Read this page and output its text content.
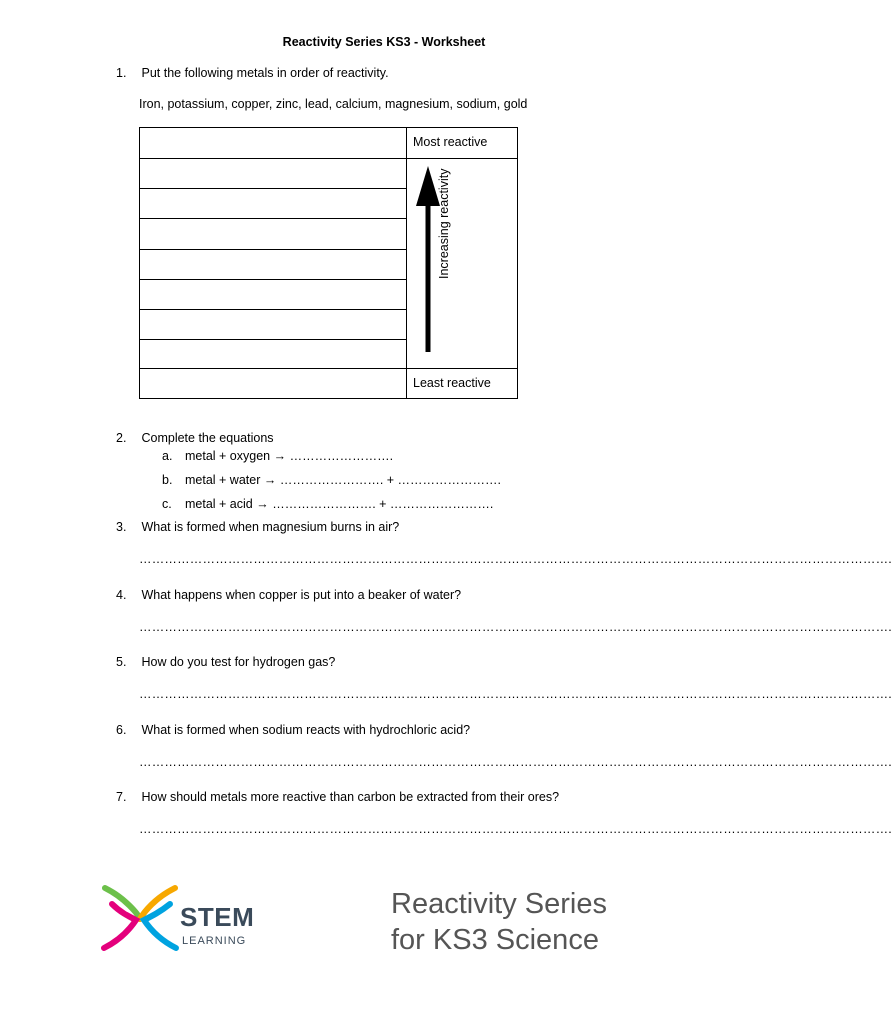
Reactivity Series KS3 - Worksheet
1. Put the following metals in order of reactivity.
Iron, potassium, copper, zinc, lead, calcium, magnesium, sodium, gold
Most reactive
Least reactive
Increasing reactivity
2. Complete the equations
a. metal + oxygen → …………………….
b. metal + water → ……………………. + …………………….
c. metal + acid → ……………………. + …………………….
3. What is formed when magnesium burns in air?
…………………………………………………………………………………………………………………………………………………………….
4. What happens when copper is put into a beaker of water?
…………………………………………………………………………………………………………………………………………………………….
5. How do you test for hydrogen gas?
…………………………………………………………………………………………………………………………………………………………….
6. What is formed when sodium reacts with hydrochloric acid?
…………………………………………………………………………………………………………………………………………………………….
7. How should metals more reactive than carbon be extracted from their ores?
…………………………………………………………………………………………………………………………………………………………….
STEM
LEARNING
Reactivity Series
for KS3 Science
